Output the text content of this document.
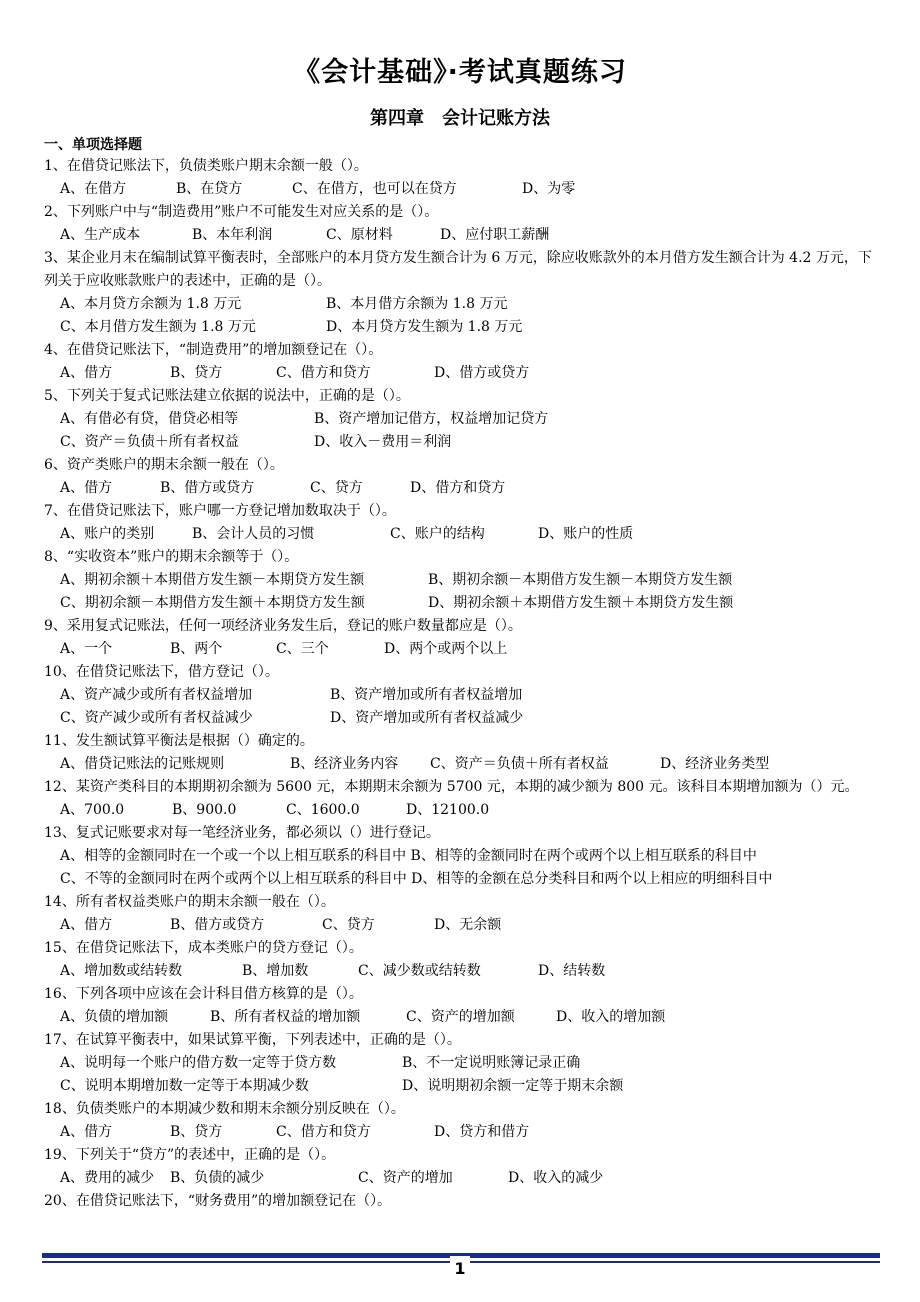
《会计基础》·考试真题练习
第四章　会计记账方法
一、单项选择题
1、在借贷记账法下，负债类账户期末余额一般（）。
A、在借方	B、在贷方	C、在借方，也可以在贷方	D、为零
2、下列账户中与“制造费用”账户不可能发生对应关系的是（）。
A、生产成本	B、本年利润	C、原材料	D、应付职工薪酬
3、某企业月末在编制试算平衡表时，全部账户的本月贷方发生额合计为 6 万元，除应收账款外的本月借方发生额合计为 4.2 万元，下列关于应收账款账户的表述中，正确的是（）。
A、本月贷方余额为 1.8 万元	B、本月借方余额为 1.8 万元
C、本月借方发生额为 1.8 万元	D、本月贷方发生额为 1.8 万元
4、在借贷记账法下，“制造费用”的增加额登记在（）。
A、借方	B、贷方	C、借方和贷方	D、借方或贷方
5、下列关于复式记账法建立依据的说法中，正确的是（）。
A、有借必有贷，借贷必相等	B、资产增加记借方，权益增加记贷方
C、资产＝负债＋所有者权益	D、收入－费用＝利润
6、资产类账户的期末余额一般在（）。
A、借方	B、借方或贷方	C、贷方	D、借方和贷方
7、在借贷记账法下，账户哪一方登记增加数取决于（）。
A、账户的类别	B、会计人员的习惯	C、账户的结构	D、账户的性质
8、“实收资本”账户的期末余额等于（）。
A、期初余额＋本期借方发生额－本期贷方发生额	B、期初余额－本期借方发生额－本期贷方发生额
C、期初余额－本期借方发生额＋本期贷方发生额	D、期初余额＋本期借方发生额＋本期贷方发生额
9、采用复式记账法，任何一项经济业务发生后，登记的账户数量都应是（）。
A、一个	B、两个	C、三个	D、两个或两个以上
10、在借贷记账法下，借方登记（）。
A、资产减少或所有者权益增加	B、资产增加或所有者权益增加
C、资产减少或所有者权益减少	D、资产增加或所有者权益减少
11、发生额试算平衡法是根据（）确定的。
A、借贷记账法的记账规则	B、经济业务内容 C、资产＝负债＋所有者权益	D、经济业务类型
12、某资产类科目的本期期初余额为 5600 元，本期期末余额为 5700 元，本期的减少额为 800 元。该科目本期增加额为（）元。
A、700.0	B、900.0	C、1600.0	D、12100.0
13、复式记账要求对每一笔经济业务，都必须以（）进行登记。
A、相等的金额同时在一个或一个以上相互联系的科目中 B、相等的金额同时在两个或两个以上相互联系的科目中
C、不等的金额同时在两个或两个以上相互联系的科目中 D、相等的金额在总分类科目和两个以上相应的明细科目中
14、所有者权益类账户的期末余额一般在（）。
A、借方	B、借方或贷方	C、贷方	D、无余额
15、在借贷记账法下，成本类账户的贷方登记（）。
A、增加数或结转数	B、增加数	C、减少数或结转数	D、结转数
16、下列各项中应该在会计科目借方核算的是（）。
A、负债的增加额	B、所有者权益的增加额	C、资产的增加额	D、收入的增加额
17、在试算平衡表中，如果试算平衡，下列表述中，正确的是（）。
A、说明每一个账户的借方数一定等于贷方数	B、不一定说明账簿记录正确
C、说明本期增加数一定等于本期减少数	D、说明期初余额一定等于期末余额
18、负债类账户的本期减少数和期末余额分别反映在（）。
A、借方	B、贷方	C、借方和贷方	D、贷方和借方
19、下列关于“贷方”的表述中，正确的是（）。
A、费用的减少 B、负债的减少	C、资产的增加	D、收入的减少
20、在借贷记账法下，“财务费用”的增加额登记在（）。
1
